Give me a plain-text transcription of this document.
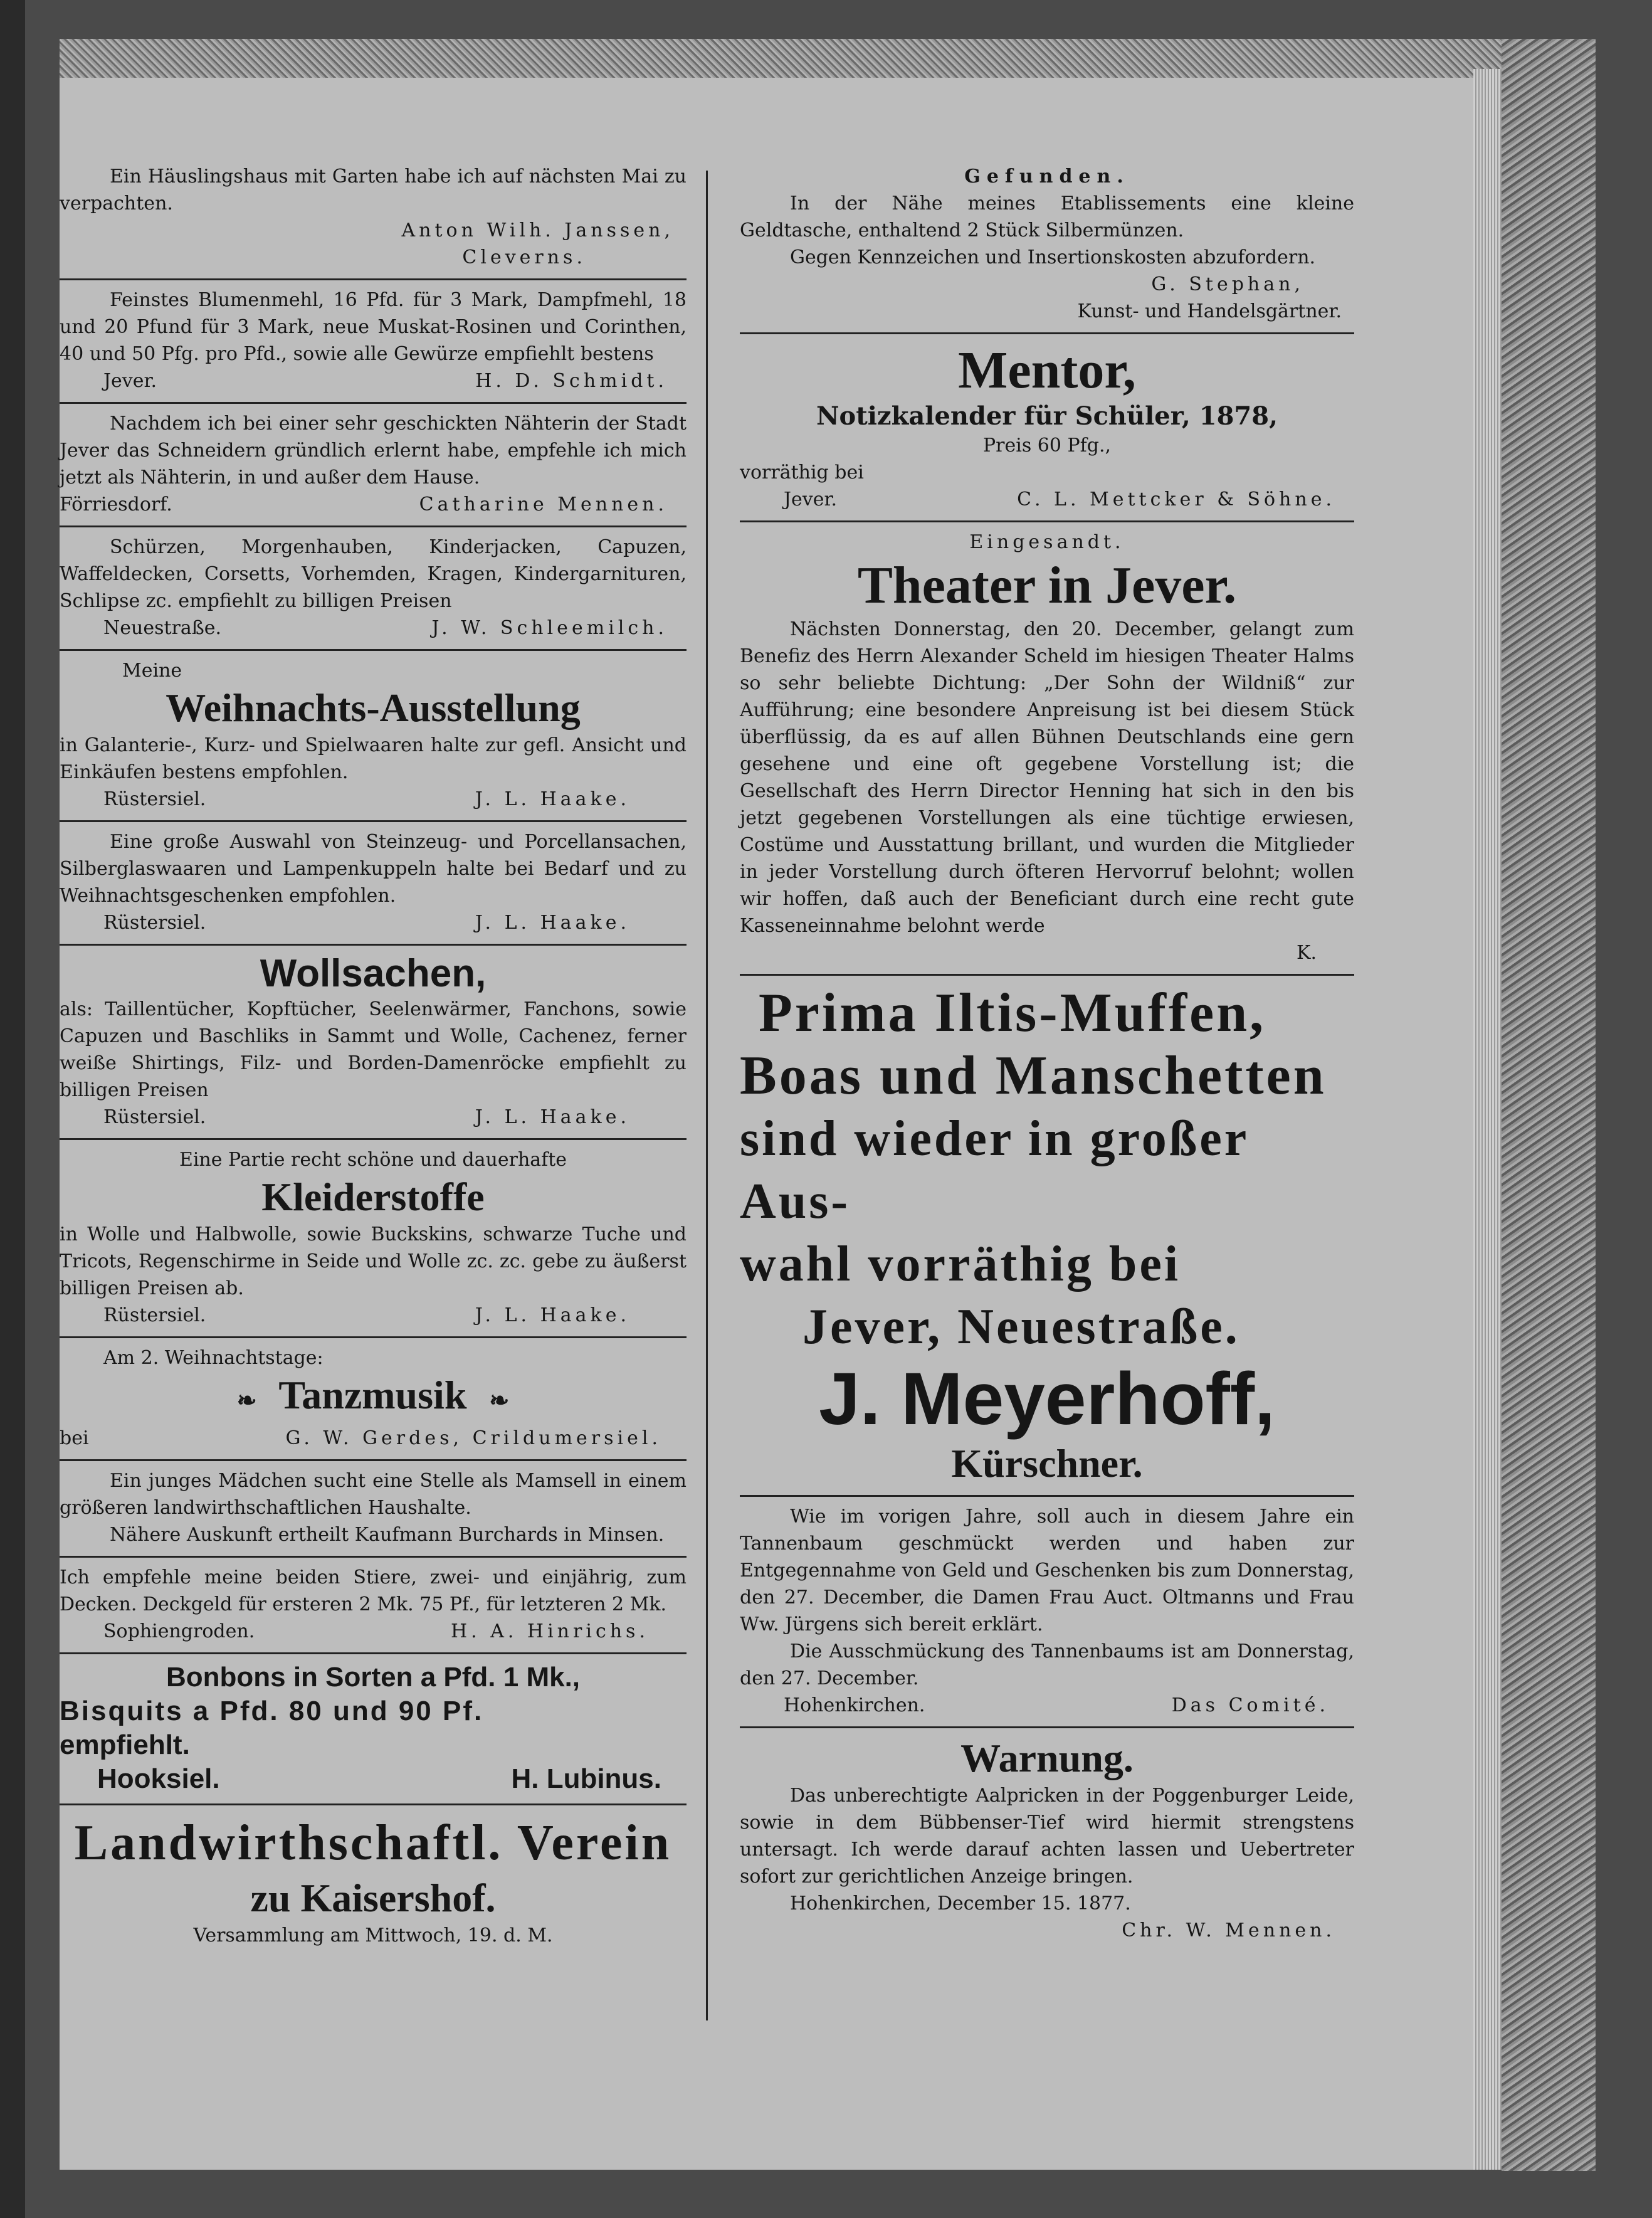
Ein Häuslingshaus mit Garten habe ich auf nächsten Mai zu verpachten.

Anton Wilh. Janssen,

Cleverns.

Feinstes Blumenmehl, 16 Pfd. für 3 Mark, Dampfmehl, 18 und 20 Pfund für 3 Mark, neue Muskat-Rosinen und Corinthen, 40 und 50 Pfg. pro Pfd., sowie alle Gewürze empfiehlt bestens

Jever.	H. D. Schmidt.

Nachdem ich bei einer sehr geschickten Nähterin der Stadt Jever das Schneidern gründlich erlernt habe, empfehle ich mich jetzt als Nähterin, in und außer dem Hause.

Förriesdorf.	Catharine Mennen.

Schürzen, Morgenhauben, Kinderjacken, Capuzen, Waffeldecken, Corsetts, Vorhemden, Kragen, Kindergarnituren, Schlipse zc. empfiehlt zu billigen Preisen

Neuestraße.	J. W. Schleemilch.

Meine

Weihnachts-Ausstellung

in Galanterie-, Kurz- und Spielwaaren halte zur gefl. Ansicht und Einkäufen bestens empfohlen.

Rüstersiel.	J. L. Haake.

Eine große Auswahl von Steinzeug- und Porcellansachen, Silberglaswaaren und Lampenkuppeln halte bei Bedarf und zu Weihnachtsgeschenken empfohlen.

Rüstersiel.	J. L. Haake.

Wollsachen,

als: Taillentücher, Kopftücher, Seelenwärmer, Fanchons, sowie Capuzen und Baschliks in Sammt und Wolle, Cachenez, ferner weiße Shirtings, Filz- und Borden-Damenröcke empfiehlt zu billigen Preisen

Rüstersiel.	J. L. Haake.

Eine Partie recht schöne und dauerhafte

Kleiderstoffe

in Wolle und Halbwolle, sowie Buckskins, schwarze Tuche und Tricots, Regenschirme in Seide und Wolle zc. zc. gebe zu äußerst billigen Preisen ab.

Rüstersiel.	J. L. Haake.

Am 2. Weihnachtstage:

❧ Tanzmusik ❧

bei	G. W. Gerdes, Crildumersiel.

Ein junges Mädchen sucht eine Stelle als Mamsell in einem größeren landwirthschaftlichen Haushalte.

Nähere Auskunft ertheilt Kaufmann Burchards in Minsen.

Ich empfehle meine beiden Stiere, zwei- und einjährig, zum Decken. Deckgeld für ersteren 2 Mk. 75 Pf., für letzteren 2 Mk.

Sophiengroden.	H. A. Hinrichs.

Bonbons in Sorten a Pfd. 1 Mk.,

Bisquits a Pfd. 80 und 90 Pf.

empfiehlt.

Hooksiel.	H. Lubinus.

Landwirthschaftl. Verein

zu Kaisershof.

Versammlung am Mittwoch, 19. d. M.

Gefunden.

In der Nähe meines Etablissements eine kleine Geldtasche, enthaltend 2 Stück Silbermünzen.

Gegen Kennzeichen und Insertionskosten abzufordern.

G. Stephan,

Kunst- und Handelsgärtner.

Mentor,

Notizkalender für Schüler, 1878,

Preis 60 Pfg.,

vorräthig bei

Jever.	C. L. Mettcker & Söhne.

Eingesandt.

Theater in Jever.

Nächsten Donnerstag, den 20. December, gelangt zum Benefiz des Herrn Alexander Scheld im hiesigen Theater Halms so sehr beliebte Dichtung: „Der Sohn der Wildniß“ zur Aufführung; eine besondere Anpreisung ist bei diesem Stück überflüssig, da es auf allen Bühnen Deutschlands eine gern gesehene und eine oft gegebene Vorstellung ist; die Gesellschaft des Herrn Director Henning hat sich in den bis jetzt gegebenen Vorstellungen als eine tüchtige erwiesen, Costüme und Ausstattung brillant, und wurden die Mitglieder in jeder Vorstellung durch öfteren Hervorruf belohnt; wollen wir hoffen, daß auch der Beneficiant durch eine recht gute Kasseneinnahme belohnt werde

K.

Prima Iltis-Muffen,

Boas und Manschetten

sind wieder in großer Aus-

wahl vorräthig bei

Jever, Neuestraße.

J. Meyerhoff,

Kürschner.

Wie im vorigen Jahre, soll auch in diesem Jahre ein Tannenbaum geschmückt werden und haben zur Entgegennahme von Geld und Geschenken bis zum Donnerstag, den 27. December, die Damen Frau Auct. Oltmanns und Frau Ww. Jürgens sich bereit erklärt.

Die Ausschmückung des Tannenbaums ist am Donnerstag, den 27. December.

Hohenkirchen.	Das Comité.

Warnung.

Das unberechtigte Aalpricken in der Poggenburger Leide, sowie in dem Bübbenser-Tief wird hiermit strengstens untersagt. Ich werde darauf achten lassen und Uebertreter sofort zur gerichtlichen Anzeige bringen.

Hohenkirchen, December 15. 1877.

Chr. W. Mennen.
